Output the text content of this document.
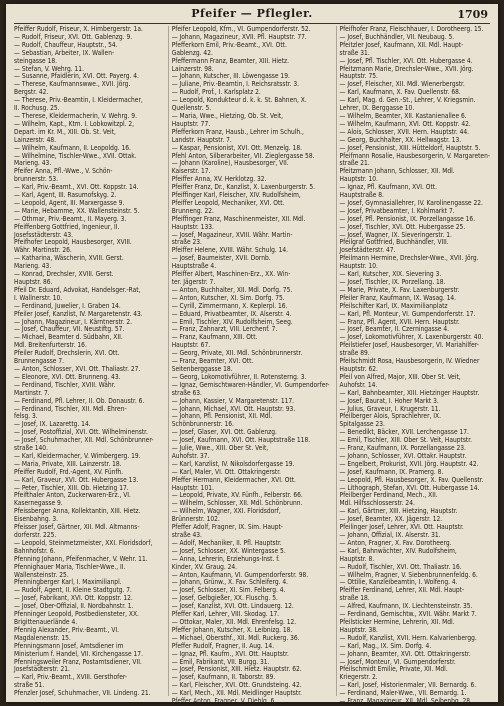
Pfeifer — Pflegler.	1709
Pfeiffer Rudolf, Friseur, X. Himbergerstr. 1a.
— Rudolf, Friseur, XVI. Ott. Gablenzg. 9.
— Rudolf, Chauffeur, Hauptstr., 54.
— Sebastian, Arbeiter, IX. Wallen-
steingasse 18.
— Stefan, V. Wehrg. 11.
— Susanne, Pfaidlerin, XVI. Ott. Payerg. 4.
— Therese, Kaufmannswwe., XVII. Jörg.
Bergstr. 42.
— Therese, Priv.-Beamtin, I. Kleidermacher,
II. Rochusg. 25.
— Therese, Kleidermacherin, V. Wehrg. 9.
— Wilhelm, Kapt., Ktm. I. Lobkowitzpl. 2,
Depart. im Kr. M., XIII. Ob. St. Veit,
Lainzerstr. 48.
— Wilhelm, Kaufmann, II. Leopoldg. 16.
— Wilhelmine, Tischler-Wwe., XVII. Ottak.
Marieng. 43.
Pfeifer Anna, Pfl.-Wwe., V. Schön-
brunnerstr. 53.
— Karl, Priv.-Beamt., XVI. Ott. Koppstr. 14.
— Karl, Agent, III. Rasumofskyg. 2.
— Leopold, Agent, III. Marxergasse 9.
— Marie, Hebamme, XX. Wallensteinstr. 5.
— Othmar, Priv.-Beamt., II. Mayerg. 3.
Pfeiffenberg Gottfried, Ingenieur, II.
Josefsstädterstr. 43.
Pfeifhofer Leopold, Hausbesorger, XVIII.
Währ. Martinstr. 26.
— Katharina, Wäscherin, XVIII. Gerst.
Marieng. 43.
— Konrad, Drechsler, XVIII. Gerst.
Hauptstr. 86.
Pfeil Dr. Eduard, Advokat, Handelsger.-Rat,
I. Wallnerstr. 10.
— Ferdinand, Juwelier, I. Graben 14.
Pfeiler Josef, Kanzlist, IV. Margaretenstr. 43.
— Johann, Magazineur, I. Kärntnerstr. 2.
— Josef, Chauffeur, VII. Neustiftg. 57.
— Michael, Beamter d. Südbahn, XII.
Mdl. Breitenfurterstr. 16.
Pfeiler Rudolf, Drechslerin, XVI. Ott.
Brunnengasse 7.
— Anton, Schlosser, XVI. Ott. Thaliastr. 27.
— Eleonore, XVI. Ott. Brunneng. 43.
— Ferdinand, Tischler, XVIII. Währ.
Martinstr. 7.
— Ferdinand, Pfl. Lehrer, II. Ob. Donaustr. 6.
— Ferdinand, Tischler, XII. Mdl. Ehren-
felsg. 3.
— Josef, IX. Lazarettg. 14.
— Josef, Postoffizial, XVI. Ott. Wilhelminenstr.
— Josef, Schuhmacher, XII. Mdl. Schönbrunner-
straße 140.
— Karl, Kleidermacher, V. Wimbergerg. 19.
— Maria, Private, XIII. Lainzerstr. 18.
Pfeiffer Rudolf, Frd.-Agent, XV. Fünfh.
— Karl, Graveur, XVI. Ott. Hubergasse 13.
— Peter, Tischler, XIII. Ob. Hietzing 17.
Pfeifthaler Anton, Zuckerwaren-Erz., VI.
Kasernegasse 9.
Pfeissberger Anna, Kollektantin, XIII. Hietz.
Eisenbahng. 3.
Pfeisser Josef, Gärtner, XII. Mdl. Altmanns-
dorferstr. 225.
— Leopold, Steinmetzmeister, XXI. Floridsdorf,
Bahnhofstr. 6.
Pfenning Johann, Pfeifenmacher, V. Wehr. 11.
Pfennighauer Maria, Tischler-Wwe., II.
Wallensteinstr. 25.
Pfenningberger Karl, I. Maximilianpl.
— Rudolf, Agent, II. Kleine Stadtgutg. 7.
— Josef, Fabrikant, XVI. Ott. Koppstr. 12.
— Josef, Ober-Offizial, II. Nordbahnstr. 1.
Pfenninger Leopold, Postbediensteter, XX.
Brigittenauerlände 4.
Pfennig Alexander, Priv.-Beamt., VI.
Magdalenenstr. 15.
Pfenningsmann Josef, Amtsdiener im
Ministerium f. Handel, VII. Kirchengasse 17.
Pfenningsweiler Franz, Postamtsdiener, VII.
Josefstädterstr. 21.
— Karl, Priv.-Beamt., XVIII. Gersthofer-
straße 51.
Pfenzler Josef, Schuhmacher, VII. Lindeng. 21.
Pfeifer Leopold, Kfm., VI. Gumpendorferstr. 52.
— Johann, Magazineur, XVII. Pfl. Hauptstr. 77.
Pfefferkorn Emil, Priv.-Beamt., XVI. Ott.
Gablenzg. 42.
Pfeffermann Franz, Beamter, XIII. Hietz.
Lainzerstr. 98.
— Johann, Kutscher, III. Löwengasse 19.
— Juliane, Priv.-Beamtin, I. Reichsratsstr. 3.
— Rudolf, Prof., I. Karlsplatz 2.
— Leopold, Kondukteur d. k. k. St. Bahnen, X.
Quellenstr. 5.
— Maria, Wwe., Hietzing, Ob. St. Veit,
Hauptstr. 77.
Pfefferkorn Franz, Hausb., Lehrer im Schulh.,
Landstr. Hauptstr. 7.
— Kaspar, Pensionist, XVI. Ott. Menzelg. 18.
Pfehl Anton, Silberarbeiter, VII. Zieglergasse 58.
— Johann (Karoline), Hausbesorger, VII.
Kaiserstr. 17.
Pfeiffer Anna, XV. Herklotzg. 32.
Pfeiffer Franz, Dr., Kanzlist, X. Laxenburgerstr. 5.
Pfeiffinger Karl, Fleischer, XIV. Rudolfsheim,
Pfeiffer Leopold, Mechaniker, XVI. Ott.
Brunneng. 22.
Pfeiffinger Franz, Maschinenmeister, XII. Mdl.
Hauptstr. 133.
— Josef, Magazineur, XVIII. Währ. Martin-
straße 23.
Pfeiffer Helene, XVIII. Währ. Schulg. 14.
— Josef, Baumeister, XVII. Dornb.
Hauptstraße 4.
Pfeiffer Albert, Maschinen-Erz., XX. Win-
ter. Jägerstr. 7.
— Anton, Buchhalter, XII. Mdl. Dorfg. 75.
— Anton, Kutscher, XI. Sim. Dorfg. 75.
— Cyrill, Zimmermann, X. Keplerpl. 16.
— Eduard, Privatbeamter, IX. Alserstr. 4.
— Emil, Tischler, XIV. Rudolfsheim, Seeg.
— Franz, Zahnarzt, VIII. Lerchenf. 7.
— Franz, Kaufmann, XIII. Ott.
Hauptstr. 67.
— Georg, Private, XII. Mdl. Schönbrunnerstr.
— Franz, Beamter, XVI. Ott.
Seitenberggasse 18.
— Georg, Lokomotivführer, II. Rotensterng. 3.
— Ignaz, Gemischtwaren-Händler, VI. Gumpendorfer-
straße 63.
— Johann, Kassier, V. Margaretenstr. 117.
— Johann, Michael, XVI. Ott. Hauptstr. 93.
— Johann, Pfl. Pensionist, XII. Mdl.
Schönbrunnerstr. 16.
— Josef, Glaser, XVI. Ott. Gablenzg.
— Josef, Kaufmann, XVI. Ott. Hauptstraße 118.
— Julie, Wwe., XIII. Ober St. Veit,
Auhofstr. 37.
— Karl, Kanzlist, IV. Nikolsdorfergasse 19.
— Karl, Maler, VI. Ott. Ottakringerstr.
Pfeffer Hermann, Kleidermacher, XVI. Ott.
Hauptstr. 101.
— Leopold, Private, XV. Fünfh., Felberstr. 66.
— Wilhelm, Schlosser, XII. Mdl. Schönbrunn.
— Wilhelm, Wagner, XXI. Floridsdorf,
Brünnerstr. 102.
Pfeffer Adolf, Fragner, IX. Sim. Haupt-
straße 43.
— Adolf, Mechaniker, II. Pfl. Hauptstr.
— Josef, Schlosser, XX. Wintergasse 5.
— Anna, Lehrerin, Erziehungs-Inst. f.
Kinder, XV. Graug. 24.
— Anton, Kaufmann, VI. Gumpendorferstr. 98.
— Johann, Grünw., X. Fav. Schleiferg. 4.
— Josef, Schlosser, XI. Sim. Felberg. 4.
— Josef, Gelbgießer, XX. Fluschg. 5.
— Josef, Kanzlist, XVI. Ott. Lindauerg. 12.
Pfeffer Karl, Lehrer, VIII. Skodag. 17.
— Ottokar, Maler, XII. Mdl. Ehrenfelsg. 12.
Pfeffer Johann, Kutscher, X. Leibnizg. 18.
— Michael, Obersthf., XII. Mdl. Ruckerg. 36.
Pfeffer Rudolf, Fragner, II. Aug. 14.
— Ignaz, Pfl. Kaufm., XVI. Ott. Hauptstr.
— Emil, Fabrikant, VII. Burgg. 31.
— Josef, Pensionist, XIII. Hietz. Hauptstr. 62.
— Josef, Kaufmann, II. Taborstr. 89.
— Karl, Fleischer, XVI. Ott. Grundsteing. 42.
— Karl, Mech., XII. Mdl. Meidlinger Hauptstr.
Pfeffer Anton, Fragner, V. Diehlg. 6.
Pfeifhofer Franz, Fleischhauer, I. Dorotheerg. 15.
— Josef, Buchhändler, VII. Neubaug. 5.
Pfeitzler Josef, Kaufmann, XII. Mdl. Haupt-
straße 31.
— Josef, Pfl. Tischler, XVI. Ott. Hubergasse 4.
Pfeitzmann Marie, Drechsler-Wwe., XVII. Jörg.
Hauptstr. 75.
— Josef, Fleischer, XII. Mdl. Wienerbergstr.
— Karl, Kaufmann, X. Fav. Quellenstr. 68.
— Karl, Mag. d. Gen.-St., Lehrer, V. Kriegsmin.
Lehrer, IX. Berggasse 10.
— Wilhelm, Beamter, XII. Kastanienallee 6.
— Wilhelm, Kaufmann, XVI. Ott. Koppstr. 42.
— Alois, Schlosser, XVII. Hern. Hauptstr. 44.
— Georg, Buchhalter, XX. Hellwagstr. 13.
— Josef, Pensionist, XIII. Hütteldorf, Hauptstr. 5.
Pfeifmann Rosalie, Hausbesorgerin, V. Margareten-
straße 21.
Pfeitzmann Johann, Schlosser, XII. Mdl.
Hauptstr. 10.
— Ignaz, Pfl. Kaufmann, XVI. Ott.
Hauptstraße 8.
— Josef, Gymnasiallehrer, IV. Karolinengasse 22.
— Josef, Privatbeamter, I. Kohlmarkt 7.
— Josef, Pfl. Pensionist, IX. Porzellangasse 16.
— Josef, Tischler, XVI. Ott. Hubergasse 25.
— Josef, Wagner, IX. Sieveringerstr. 1.
Pfeilgraf Gottfried, Buchhändler, VIII.
Josefstädterstr. 47.
Pfeilmann Hermine, Drechsler-Wwe., XVII. Jörg.
Hauptstr. 10.
— Karl, Kutscher, XIX. Sievering 3.
— Josef, Tischler, IX. Porzellang. 18.
— Marie, Private, X. Fav. Laxenburgerstr.
Pfeiler Franz, Kaufmann, IX. Wasag. 14.
Pfeilschifter Karl, IX. Maximilianplatz
— Karl, Pfl. Monteur, VI. Gumpendorferstr. 17.
— Franz, Pfl. Agent, XVII. Hern. Hauptstr.
— Josef, Beamter, II. Czerningasse 4.
— Josef, Lokomotivführer, X. Laxenburgerstr. 40.
Pfeilstiefer Josef, Hausbesorger, VI. Mariahilfer-
straße 89.
Pfeilschmidt Rosa, Hausbesorgerin, IV. Wiedner
Hauptstr. 62.
Pfeil von Alfred, Major, XIII. Ober St. Veit,
Auhofstr. 14.
— Karl, Bahnbeamter, XIII. Hietzinger Hauptstr.
— Josef, Baurat, I. Hoher Markt 3.
— Julius, Graveur, I. Krugerstr. 11.
Pfeilberger Alois, Sprachlehrer, IX.
Spitalgasse 23.
— Benedikt, Bäcker, XVII. Lerchengasse 17.
— Emil, Tischler, XIII. Ober St. Veit, Hauptstr.
— Franz, Kaufmann, IX. Porzellangasse 23.
— Johann, Schlosser, XVI. Ottakr. Hauptstr.
— Engelbert, Prokurist, XVII. Jörg. Hauptstr. 42.
— Josef, Kaufmann, IX. Pramerg. 8.
— Leopold, Pfl. Hausbesorger, X. Fav. Quellenstr.
— Lithograph, Stefan, XVI. Ott. Hubergasse 14.
Pfeilberger Ferdinand, Mech., XII.
Mdl. Hilfsschlosserstr. 24.
— Karl, Gärtner, XIII. Hietzing, Hauptstr.
— Josef, Beamter, XX. Jägerstr. 12.
Pfeilinger Josef, Lehrer, XVI. Ott. Hauptstr.
— Johann, Offizial, IX. Alserstr. 31.
— Anton, Fragner, X. Fav. Dorotheerg.
— Karl, Bahnwächter, XIV. Rudolfsheim,
Hauptstr. 8.
— Rudolf, Tischler, XVI. Ott. Thaliastr. 16.
— Wilhelm, Fragner, V. Siebenbrunnenfeldg. 6.
— Ottilie, Kanzleibeamtin, I. Wolfeng. 4.
Pfeiffer Ferdinand, Lehrer, XII. Mdl. Haupt-
straße 18.
— Alfred, Kaufmann, IX. Liechtensteinstr. 35.
— Ferdinand, Gemischtw., XVII. Währ. Markt 7.
Pfeilsticker Hermine, Lehrerin, XII. Mdl.
Hauptstr. 38.
— Rudolf, Kanzlist, XVII. Hern. Kalvarienbergg.
— Karl, Mag., IX. Sim. Dorfg. 4.
— Johann, Beamter, XVI. Ott. Ottakringerstr.
— Josef, Monteur, VI. Gumpendorferstr.
Pfeilschmidt Emilie, Private, XII. Mdl.
Kriegerstr. 2.
— Karl, Josef, Historienmaler, VII. Bernardg. 6.
— Ferdinand, Maler-Wwe., VII. Bernardg. 1.
— Franz, Magazineur, XII. Mdl. Seibenbg. 28.
